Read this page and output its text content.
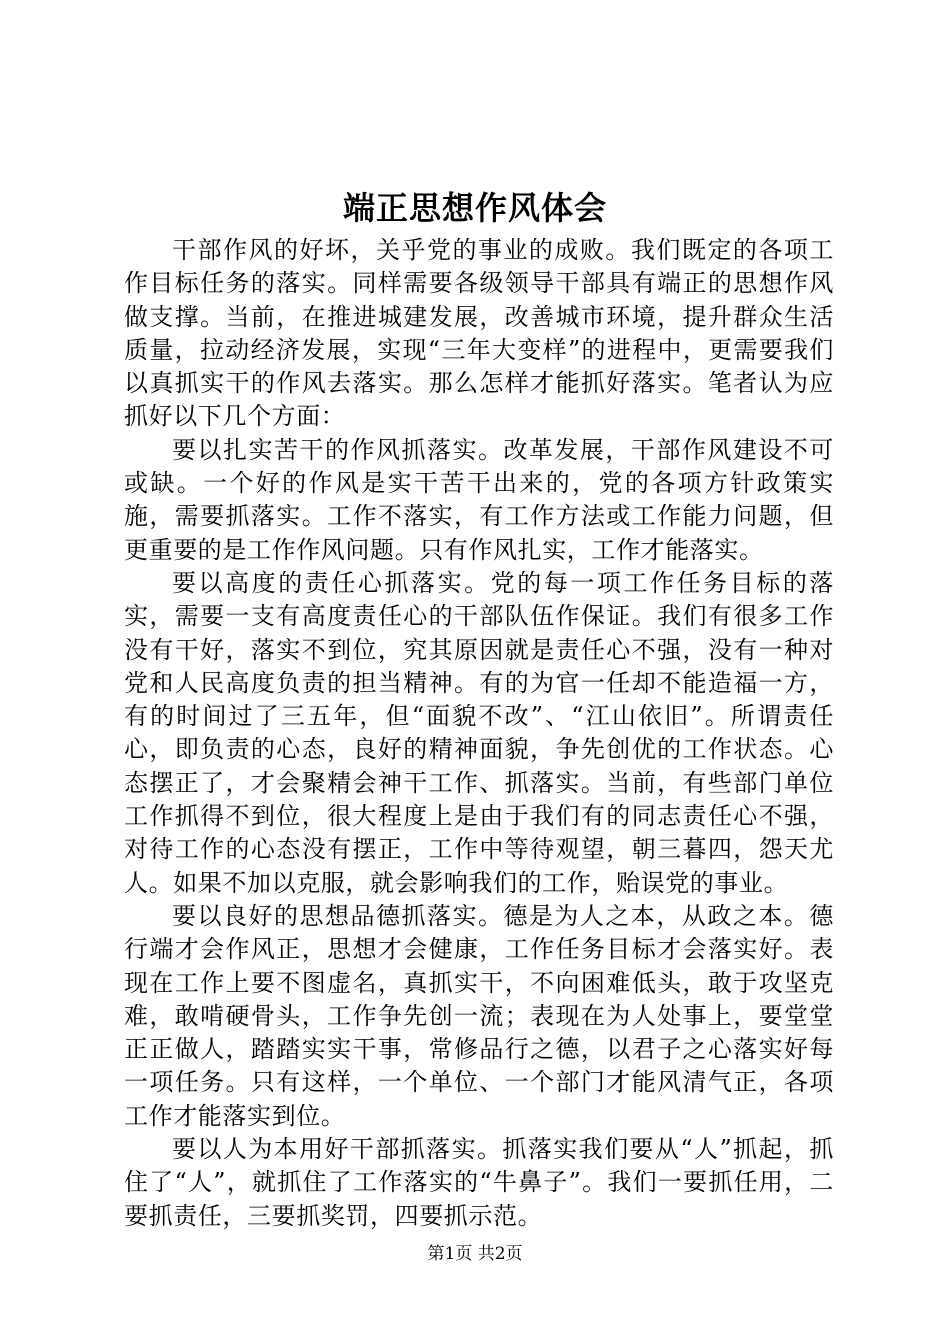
端正思想作风体会

干部作风的好坏，关乎党的事业的成败。我们既定的各项工作目标任务的落实。同样需要各级领导干部具有端正的思想作风做支撑。当前，在推进城建发展，改善城市环境，提升群众生活质量，拉动经济发展，实现“三年大变样”的进程中，更需要我们以真抓实干的作风去落实。那么怎样才能抓好落实。笔者认为应抓好以下几个方面：

要以扎实苦干的作风抓落实。改革发展，干部作风建设不可或缺。一个好的作风是实干苦干出来的，党的各项方针政策实施，需要抓落实。工作不落实，有工作方法或工作能力问题，但更重要的是工作作风问题。只有作风扎实，工作才能落实。

要以高度的责任心抓落实。党的每一项工作任务目标的落实，需要一支有高度责任心的干部队伍作保证。我们有很多工作没有干好，落实不到位，究其原因就是责任心不强，没有一种对党和人民高度负责的担当精神。有的为官一任却不能造福一方，有的时间过了三五年，但“面貌不改”、“江山依旧”。所谓责任心，即负责的心态，良好的精神面貌，争先创优的工作状态。心态摆正了，才会聚精会神干工作、抓落实。当前，有些部门单位工作抓得不到位，很大程度上是由于我们有的同志责任心不强，对待工作的心态没有摆正，工作中等待观望，朝三暮四，怨天尤人。如果不加以克服，就会影响我们的工作，贻误党的事业。

要以良好的思想品德抓落实。德是为人之本，从政之本。德行端才会作风正，思想才会健康，工作任务目标才会落实好。表现在工作上要不图虚名，真抓实干，不向困难低头，敢于攻坚克难，敢啃硬骨头，工作争先创一流；表现在为人处事上，要堂堂正正做人，踏踏实实干事，常修品行之德，以君子之心落实好每一项任务。只有这样，一个单位、一个部门才能风清气正，各项工作才能落实到位。

要以人为本用好干部抓落实。抓落实我们要从“人”抓起，抓住了“人”，就抓住了工作落实的“牛鼻子”。我们一要抓任用，二要抓责任，三要抓奖罚，四要抓示范。

第1页 共2页
